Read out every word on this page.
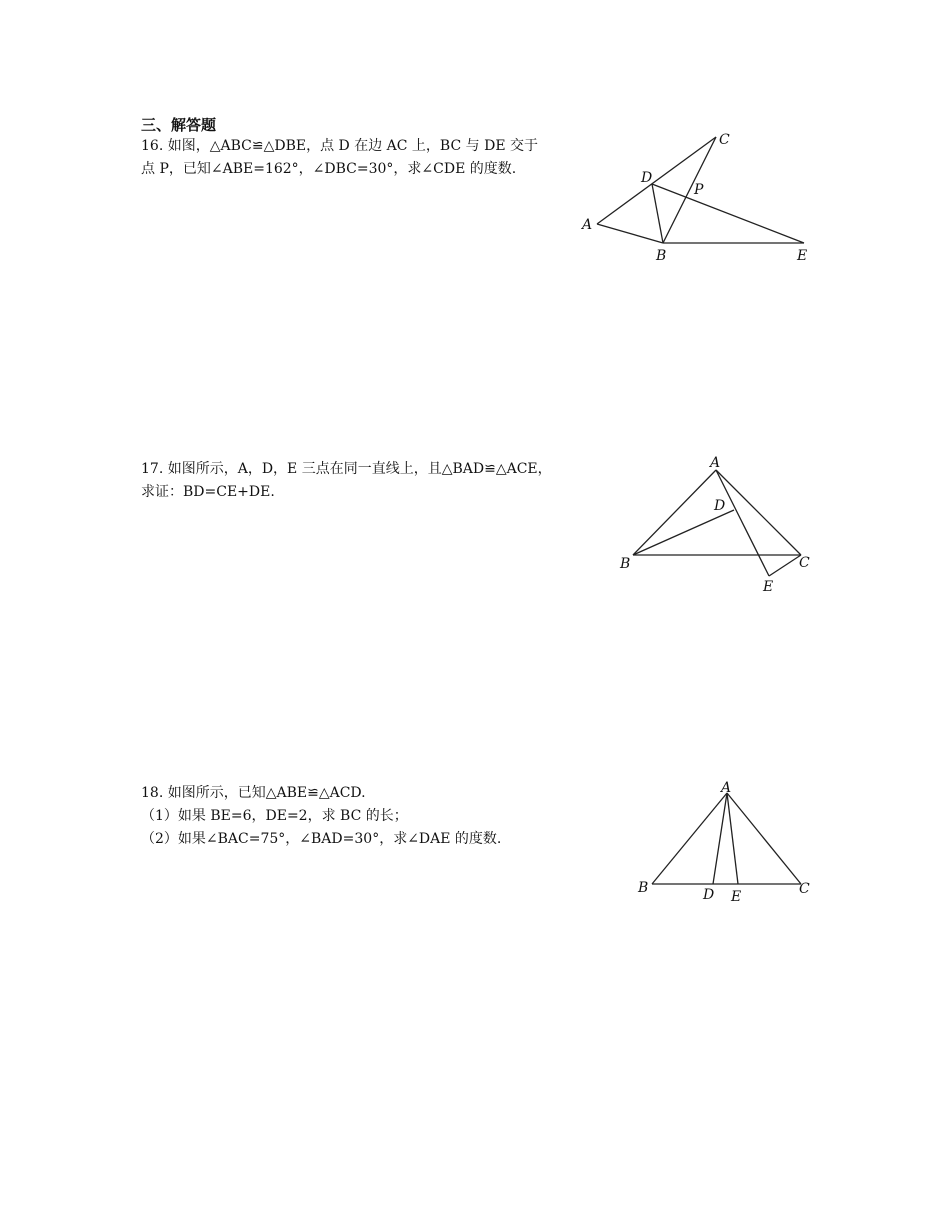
三、解答题
16. 如图，△ABC≌△DBE，点 D 在边 AC 上，BC 与 DE 交于
点 P，已知∠ABE=162°，∠DBC=30°，求∠CDE 的度数.
A
B
C
D
E
P
17. 如图所示，A，D，E 三点在同一直线上，且△BAD≌△ACE，
求证：BD=CE+DE.
A
B	C
D
E
18. 如图所示，已知△ABE≌△ACD.
（1）如果 BE=6，DE=2，求 BC 的长；
（2）如果∠BAC=75°，∠BAD=30°，求∠DAE 的度数.
A
B	C
D E
